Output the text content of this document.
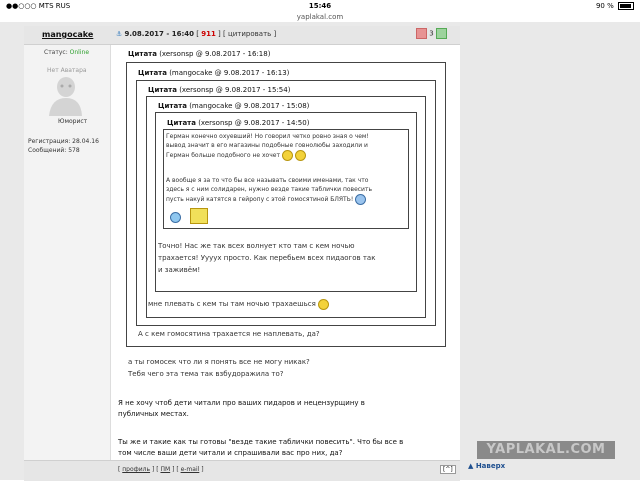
●●○○○ MTS RUS	15:46	90 %
yaplakal.com
mangocake
Статус: Online
Нет Аватара
Юморист
Регистрация: 28.04.16
Сообщений: 578
⚓ 9.08.2017 - 16:40 [ 911 ] [ цитировать ]	3
Цитата (xersonsp @ 9.08.2017 - 16:18)
Цитата (mangocake @ 9.08.2017 - 16:13)
Цитата (xersonsp @ 9.08.2017 - 15:54)
Цитата (mangocake @ 9.08.2017 - 15:08)
Цитата (xersonsp @ 9.08.2017 - 14:50)
Герман конечно охуевший! Но говорил четко ровно зная о чем!
вывод значит в его магазины подобные говнолюбы заходили и
Герман больше подобного не хочет
А вообще я за то что бы все называть своими именами, так что
здесь я с ним солидарен, нужно везде такие таблички повесить
пусть накуй катятся в гейропу с этой гомосятиной БЛЯТЬ!
Точно! Нас же так всех волнует кто там с кем ночью
трахается! Уууух просто. Как перебьем всех пидаогов так
и заживём!
мне плевать с кем ты там ночью трахаешься
А с кем гомосятина трахается не наплевать, да?
а ты гомосек что ли я понять все не могу никак?
Тебя чего эта тема так взбудоражила то?
Я не хочу чтоб дети читали про ваших пидаров и нецензурщину в
публичных местах.
Ты же и такие как ты готовы "везде такие таблички повесить". Что бы все в
том числе ваши дети читали и спрашивали вас про них, да?
[ профиль ] [ ПМ ] [ e-mail ]	[^]	▲ Наверх
YAPLAKAL.COM
